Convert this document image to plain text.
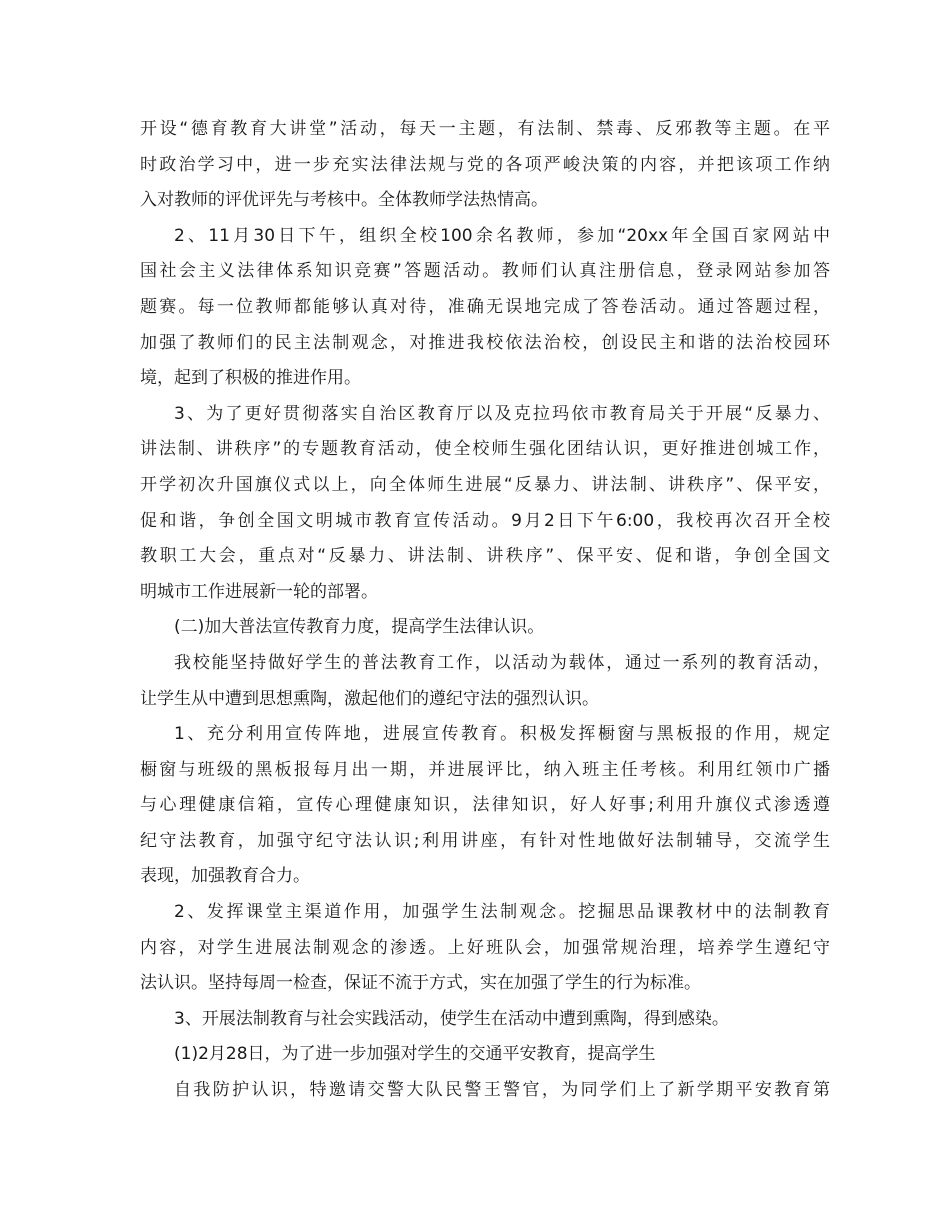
开设“德育教育大讲堂”活动，每天一主题，有法制、禁毒、反邪教等主题。在平
时政治学习中，进一步充实法律法规与党的各项严峻決策的内容，并把该项工作纳
入对教师的评优评先与考核中。全体教师学法热情高。
2、11月30日下午，组织全校100余名教师，参加“20xx年全国百家网站中
国社会主义法律体系知识竞赛”答题活动。教师们认真注册信息，登录网站参加答
题赛。每一位教师都能够认真对待，准确无误地完成了答卷活动。通过答题过程，
加强了教师们的民主法制观念，对推进我校依法治校，创设民主和谐的法治校园环
境，起到了积极的推进作用。
3、为了更好贯彻落实自治区教育厅以及克拉玛依市教育局关于开展“反暴力、
讲法制、讲秩序”的专题教育活动，使全校师生强化团结认识，更好推进创城工作，
开学初次升国旗仪式以上，向全体师生进展“反暴力、讲法制、讲秩序”、保平安，
促和谐，争创全国文明城市教育宣传活动。9月2日下午6:00，我校再次召开全校
教职工大会，重点对“反暴力、讲法制、讲秩序”、保平安、促和谐，争创全国文
明城市工作进展新一轮的部署。
(二)加大普法宣传教育力度，提高学生法律认识。
我校能坚持做好学生的普法教育工作，以活动为载体，通过一系列的教育活动，
让学生从中遭到思想熏陶，激起他们的遵纪守法的强烈认识。
1、充分利用宣传阵地，进展宣传教育。积极发挥橱窗与黑板报的作用，规定
橱窗与班级的黑板报每月出一期，并进展评比，纳入班主任考核。利用红领巾广播
与心理健康信箱，宣传心理健康知识，法律知识，好人好事;利用升旗仪式渗透遵
纪守法教育，加强守纪守法认识;利用讲座，有针对性地做好法制辅导，交流学生
表现，加强教育合力。
2、发挥课堂主渠道作用，加强学生法制观念。挖掘思品课教材中的法制教育
内容，对学生进展法制观念的渗透。上好班队会，加强常规治理，培养学生遵纪守
法认识。坚持每周一检查，保证不流于方式，实在加强了学生的行为标准。
3、开展法制教育与社会实践活动，使学生在活动中遭到熏陶，得到感染。
(1)2月28日，为了进一步加强对学生的交通平安教育，提高学生
自我防护认识，特邀请交警大队民警王警官，为同学们上了新学期平安教育第
